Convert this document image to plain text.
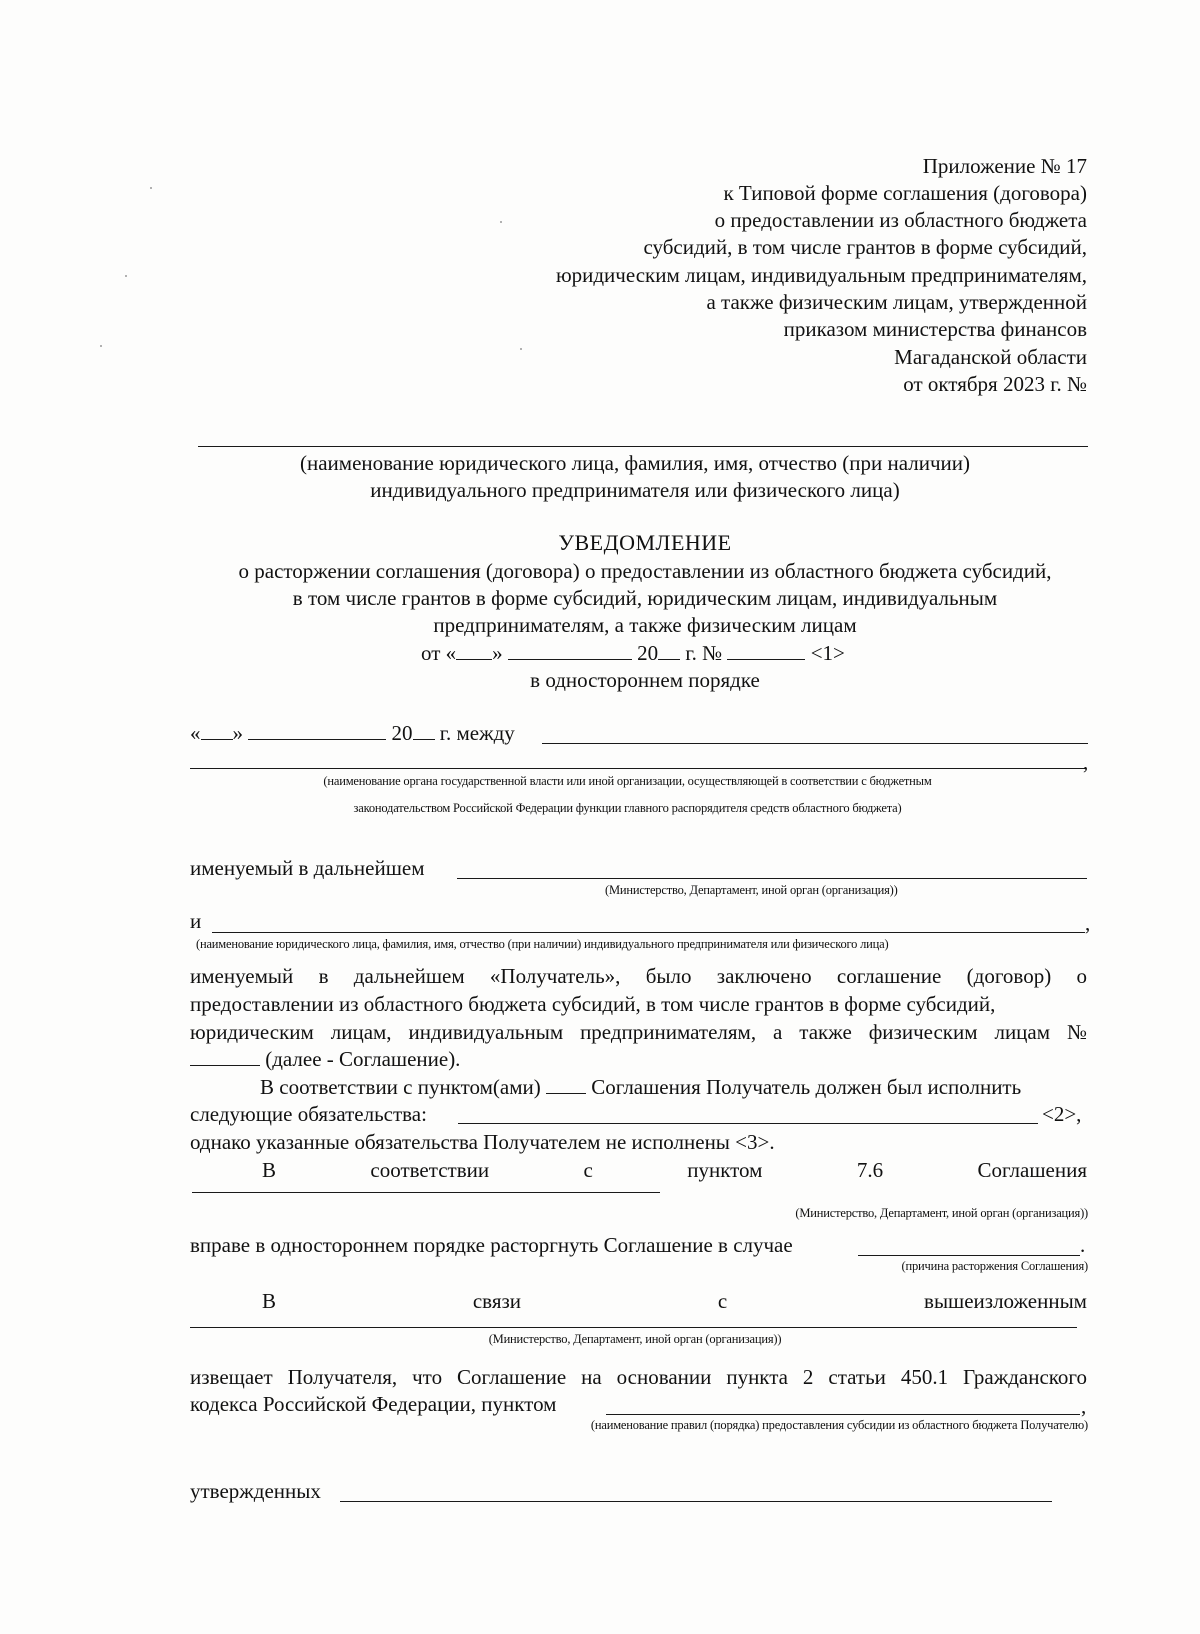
Приложение № 17
к Типовой форме соглашения (договора)
о предоставлении из областного бюджета
субсидий, в том числе грантов в форме субсидий,
юридическим лицам, индивидуальным предпринимателям,
а также физическим лицам, утвержденной
приказом министерства финансов
Магаданской области
от октября 2023 г. №
(наименование юридического лица, фамилия, имя, отчество (при наличии)
индивидуального предпринимателя или физического лица)
УВЕДОМЛЕНИЕ
о расторжении соглашения (договора) о предоставлении из областного бюджета субсидий,
в том числе грантов в форме субсидий, юридическим лицам, индивидуальным
предпринимателям, а также физическим лицам
от « »	20 г. №	<1>
в одностороннем порядке
« »	20 г. между
,
(наименование органа государственной власти или иной организации, осуществляющей в соответствии с бюджетным
законодательством Российской Федерации функции главного распорядителя средств областного бюджета)
именуемый в дальнейшем
(Министерство, Департамент, иной орган (организация))
и	,
(наименование юридического лица, фамилия, имя, отчество (при наличии) индивидуального предпринимателя или физического лица)
именуемый в дальнейшем «Получатель», было заключено соглашение (договор) о
предоставлении из областного бюджета субсидий, в том числе грантов в форме субсидий,
юридическим лицам, индивидуальным предпринимателям, а также физическим лицам №
(далее - Соглашение).
В соответствии с пунктом(ами) Соглашения Получатель должен был исполнить
следующие обязательства:	<2>,
однако указанные обязательства Получателем не исполнены <3>.
В	соответствии	с	пунктом	7.6	Соглашения
(Министерство, Департамент, иной орган (организация))
вправе в одностороннем порядке расторгнуть Соглашение в случае	.
(причина расторжения Соглашения)
В	связи	с	вышеизложенным
(Министерство, Департамент, иной орган (организация))
извещает Получателя, что Соглашение на основании пункта 2 статьи 450.1 Гражданского
кодекса Российской Федерации, пунктом	,
(наименование правил (порядка) предоставления субсидии из областного бюджета Получателю)
утвержденных
